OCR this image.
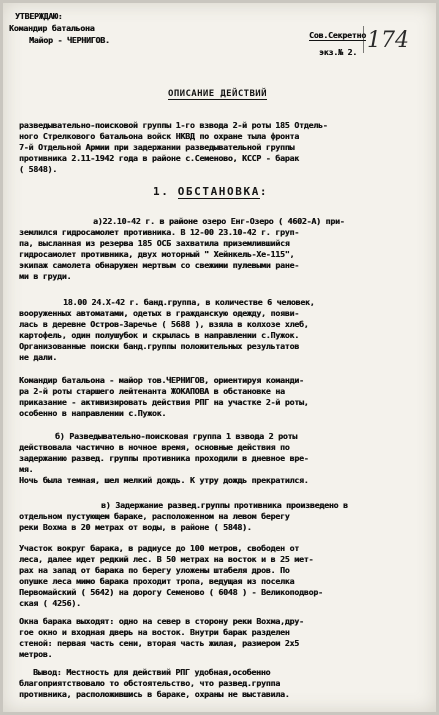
УТВЕРЖДАЮ:
Командир батальона
Майор - ЧЕРНИГОВ.	Сов.Секретно
экз.№ 2. 174
ОПИСАНИЕ ДЕЙСТВИЙ
разведывательно-поисковой группы 1-го взвода 2-й роты 185 Отдель-
ного Стрелкового батальона войск НКВД по охране тыла фронта
7-й Отдельной Армии при задержании разведывательной группы
противника 2.11-1942 года в районе с.Семеново, КССР - барак
( 5848).
1. ОБСТАНОВКА:
а)22.10-42 г. в районе озеро Енг-Озеро ( 4602-А) при-
землился гидросамолет противника. В 12-00 23.10-42 г. груп-
па, высланная из резерва 185 ОСБ захватила приземлившийся
гидросамолет противника, двух моторный " Хейнкель-Хе-115",
экипаж самолета обнаружен мертвым со свежими пулевыми ране-
ми в груди.
18.00 24.Х-42 г. банд.группа, в количестве 6 человек,
вооруженных автоматами, одетых в гражданскую одежду, появи-
лась в деревне Остров-Заречье ( 5688 ), взяла в колхозе хлеб,
картофель, один полушубок и скрылась в направлении с.Пужок.
Организованные поиски банд.группы положительных результатов
не дали.
Командир батальона - майор тов.ЧЕРНИГОВ, ориентируя команди-
ра 2-й роты старшего лейтенанта ЖОКАПОВА в обстановке на
приказание - активизировать действия РПГ на участке 2-й роты,
особенно в направлении с.Пужок.
б) Разведывательно-поисковая группа 1 взвода 2 роты
действовала частично в ночное время, основные действия по
задержанию развед. группы противника проходили в дневное вре-
мя.
Ночь была темная, шел мелкий дождь. К утру дождь прекратился.
в) Задержание развед.группы противника произведено в
отдельном пустующем бараке, расположенном на левом берегу
реки Вохма в 20 метрах от воды, в районе ( 5848).
Участок вокруг барака, в радиусе до 100 метров, свободен от
леса, далее идет редкий лес. В 50 метрах на восток и в 25 мет-
рах на запад от барака по берегу уложены штабеля дров. По
опушке леса мимо барака проходит тропа, ведущая из поселка
Первомайский ( 5642) на дорогу Семеново ( 6048 ) - Великоподвор-
ская ( 4256).
Окна барака выходят: одно на север в сторону реки Вохма,дру-
гое окно и входная дверь на восток. Внутри барак разделен
стеной: первая часть сени, вторая часть жилая, размером 2х5
метров.
Вывод: Местность для действий РПГ удобная,особенно
благоприятствовало то обстоятельство, что развед.группа
противника, расположившись в бараке, охраны не выставила.
